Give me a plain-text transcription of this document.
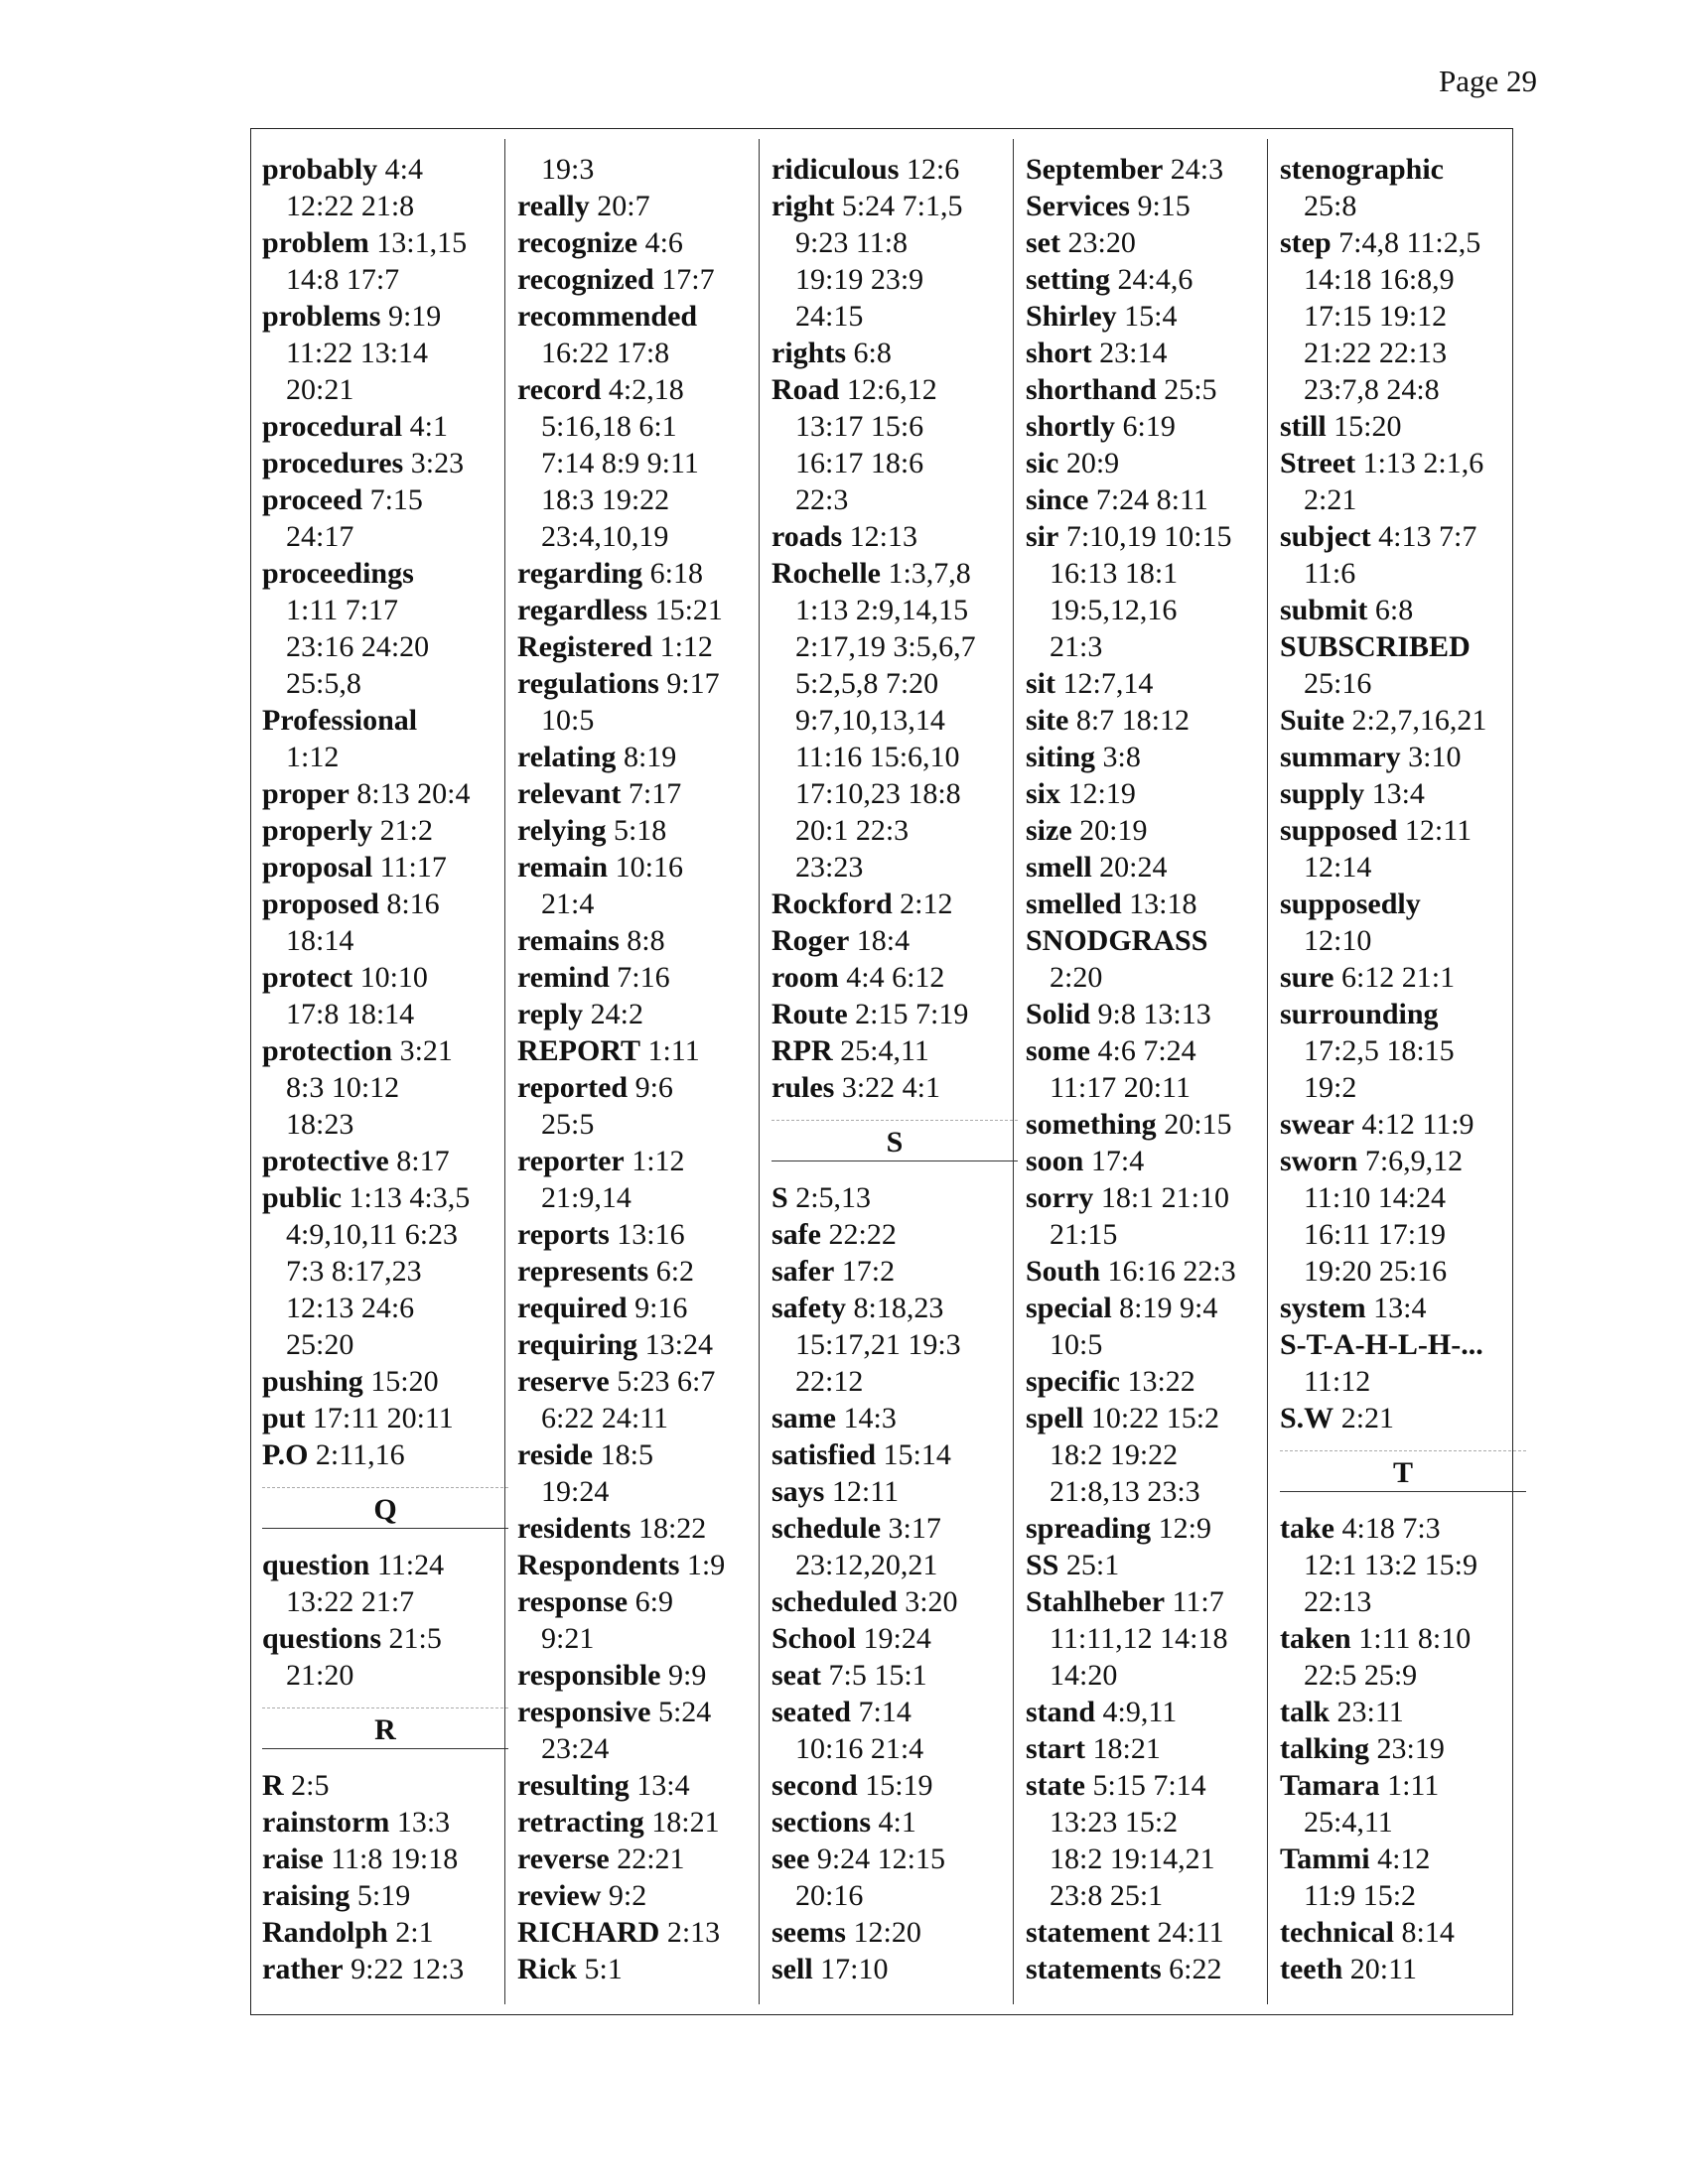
Page 29
probably 4:4
12:22 21:8
problem 13:1,15
14:8 17:7
problems 9:19
11:22 13:14
20:21
procedural 4:1
procedures 3:23
proceed 7:15
24:17
proceedings
1:11 7:17
23:16 24:20
25:5,8
Professional
1:12
proper 8:13 20:4
properly 21:2
proposal 11:17
proposed 8:16
18:14
protect 10:10
17:8 18:14
protection 3:21
8:3 10:12
18:23
protective 8:17
public 1:13 4:3,5
4:9,10,11 6:23
7:3 8:17,23
12:13 24:6
25:20
pushing 15:20
put 17:11 20:11
P.O 2:11,16
Q
question 11:24
13:22 21:7
questions 21:5
21:20
R
R 2:5
rainstorm 13:3
raise 11:8 19:18
raising 5:19
Randolph 2:1
rather 9:22 12:3
19:3
really 20:7
recognize 4:6
recognized 17:7
recommended
16:22 17:8
record 4:2,18
5:16,18 6:1
7:14 8:9 9:11
18:3 19:22
23:4,10,19
regarding 6:18
regardless 15:21
Registered 1:12
regulations 9:17
10:5
relating 8:19
relevant 7:17
relying 5:18
remain 10:16
21:4
remains 8:8
remind 7:16
reply 24:2
REPORT 1:11
reported 9:6
25:5
reporter 1:12
21:9,14
reports 13:16
represents 6:2
required 9:16
requiring 13:24
reserve 5:23 6:7
6:22 24:11
reside 18:5
19:24
residents 18:22
Respondents 1:9
response 6:9
9:21
responsible 9:9
responsive 5:24
23:24
resulting 13:4
retracting 18:21
reverse 22:21
review 9:2
RICHARD 2:13
Rick 5:1
ridiculous 12:6
right 5:24 7:1,5
9:23 11:8
19:19 23:9
24:15
rights 6:8
Road 12:6,12
13:17 15:6
16:17 18:6
22:3
roads 12:13
Rochelle 1:3,7,8
1:13 2:9,14,15
2:17,19 3:5,6,7
5:2,5,8 7:20
9:7,10,13,14
11:16 15:6,10
17:10,23 18:8
20:1 22:3
23:23
Rockford 2:12
Roger 18:4
room 4:4 6:12
Route 2:15 7:19
RPR 25:4,11
rules 3:22 4:1
S
S 2:5,13
safe 22:22
safer 17:2
safety 8:18,23
15:17,21 19:3
22:12
same 14:3
satisfied 15:14
says 12:11
schedule 3:17
23:12,20,21
scheduled 3:20
School 19:24
seat 7:5 15:1
seated 7:14
10:16 21:4
second 15:19
sections 4:1
see 9:24 12:15
20:16
seems 12:20
sell 17:10
September 24:3
Services 9:15
set 23:20
setting 24:4,6
Shirley 15:4
short 23:14
shorthand 25:5
shortly 6:19
sic 20:9
since 7:24 8:11
sir 7:10,19 10:15
16:13 18:1
19:5,12,16
21:3
sit 12:7,14
site 8:7 18:12
siting 3:8
six 12:19
size 20:19
smell 20:24
smelled 13:18
SNODGRASS
2:20
Solid 9:8 13:13
some 4:6 7:24
11:17 20:11
something 20:15
soon 17:4
sorry 18:1 21:10
21:15
South 16:16 22:3
special 8:19 9:4
10:5
specific 13:22
spell 10:22 15:2
18:2 19:22
21:8,13 23:3
spreading 12:9
SS 25:1
Stahlheber 11:7
11:11,12 14:18
14:20
stand 4:9,11
start 18:21
state 5:15 7:14
13:23 15:2
18:2 19:14,21
23:8 25:1
statement 24:11
statements 6:22
stenographic
25:8
step 7:4,8 11:2,5
14:18 16:8,9
17:15 19:12
21:22 22:13
23:7,8 24:8
still 15:20
Street 1:13 2:1,6
2:21
subject 4:13 7:7
11:6
submit 6:8
SUBSCRIBED
25:16
Suite 2:2,7,16,21
summary 3:10
supply 13:4
supposed 12:11
12:14
supposedly
12:10
sure 6:12 21:1
surrounding
17:2,5 18:15
19:2
swear 4:12 11:9
sworn 7:6,9,12
11:10 14:24
16:11 17:19
19:20 25:16
system 13:4
S-T-A-H-L-H-...
11:12
S.W 2:21
T
take 4:18 7:3
12:1 13:2 15:9
22:13
taken 1:11 8:10
22:5 25:9
talk 23:11
talking 23:19
Tamara 1:11
25:4,11
Tammi 4:12
11:9 15:2
technical 8:14
teeth 20:11
